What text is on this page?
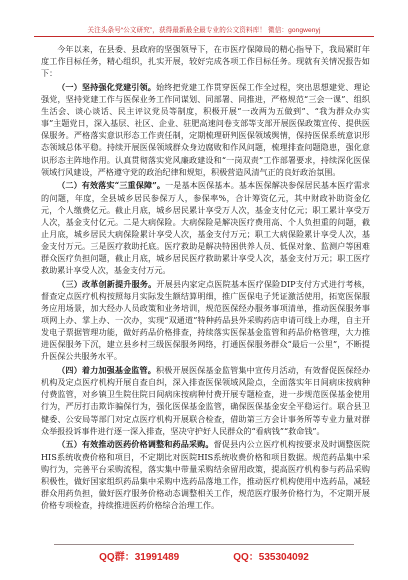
关注头条号“公文研究”，获得最新最全最专业的公文资料库！ 微信：gongwenyj

今年以来，在县委、县政府的坚强领导下，在市医疗保障局的精心指导下，我局紧盯年度工作目标任务，精心组织，扎实开展，较好完成各项工作目标任务。现就有关情况报告如下：

（一）坚持强化党建引领。始终把党建工作贯穿医保工作全过程，突出思想建党、理论强党，坚持党建工作与医保业务工作同谋划、同部署、同推进，严格规范“三会一课”、组织生活会、谈心谈话、民主评议党员等制度，积极开展“一改两为五做到”、“我为群众办实事”主题党日，深入基层、社区、企业、驻肥高速问卷支部等支部开展医保政策宣传、提供医保服务。严格落实意识形态工作责任制，定期梳理研判医保领域舆情，保持医保系统意识形态领域总体平稳。持续开展医保领域群众身边腐败和作风问题，梳理排查问题隐患，强化意识形态主阵地作用。认真贯彻落实党风廉政建设和“一岗双责”工作部署要求，持续深化医保领域行风建设，严格遵守党的政治纪律和规矩，积极营造风清气正的良好政治氛围。

（二）有效落实“三重保障”。一是基本医保基本。基本医保解决参保居民基本医疗需求的问题，年度，全县城乡居民参保万人，参保率%，合计筹资亿元，其中财政补助资金亿元，个人缴费亿元。截止月底，城乡居民累计享受万人次，基金支付亿元；职工累计享受万人次，基金支付亿元。二是大病保险。大病保险是解决医疗费用高、个人负担重的问题，截止月底，城乡居民大病保险累计享受人次，基金支付万元；职工大病保险累计享受人次，基金支付万元。三是医疗救助托底。医疗救助是解决特困供养人员、低保对象、监测户等困难群众医疗负担问题，截止月底，城乡居民医疗救助累计享受人次，基金支付万元；职工医疗救助累计享受人次，基金支付万元。

（三）改革创新提升服务。开展县内家定点医院基本医疗保险DIP支付方式进行考核，督查定点医疗机构按照每月实际发生额结算明细，推广医保电子凭证激活使用，拓宽医保服务应用场景，加大经办人员政策和业务培训，规范医保经办服务事项清单，推动医保服务事项网上办、掌上办、一次办，实现“双通道”特种药品县外采购药店申请可线上办理，自主开发电子票据管理功能，做好药品价格排查，持续落实医保基金监管和药品价格管理，大力推进医保服务下沉，建立县乡村三级医保服务网络，打通医保服务群众“最后一公里”，不断提升医保公共服务水平。

（四）着力加强基金监管。积极开展医保基金监管集中宣传月活动，有效督促医保经办机构及定点医疗机构开展自查自纠，深入排查医保领域风险点，全面落实年日间病床按病种付费监管，对乡镇卫生院住院日间病床按病种付费开展专题检查，进一步规范医保基金使用行为，严厉打击欺诈骗保行为，强化医保基金监管，确保医保基金安全平稳运行。联合县卫健委、公安局等部门对定点医疗机构开展联合检查，借助第三方会计事务所等专业力量对群众举报投诉事件进行逐一深入排查，坚决守护好人民群众的“看病钱”“救命钱”。

（五）有效推动医药价格调整和药品采购。督促县内公立医疗机构按要求及时调整医院HIS系统收费价格和项目，不定期比对医院HIS系统收费价格和项目数据。规范药品集中采购行为，完善平台采购流程，落实集中带量采购结余留用政策，提高医疗机构参与药品采购积极性，做好国家组织药品集中采购中选药品落地工作，推动医疗机构使用中选药品，减轻群众用药负担，做好医疗服务价格动态调整相关工作，规范医疗服务价格行为，不定期开展价格专项检查，持续推进医药价格综合治理工作。

QQ群：31991489	QQ：535304092
